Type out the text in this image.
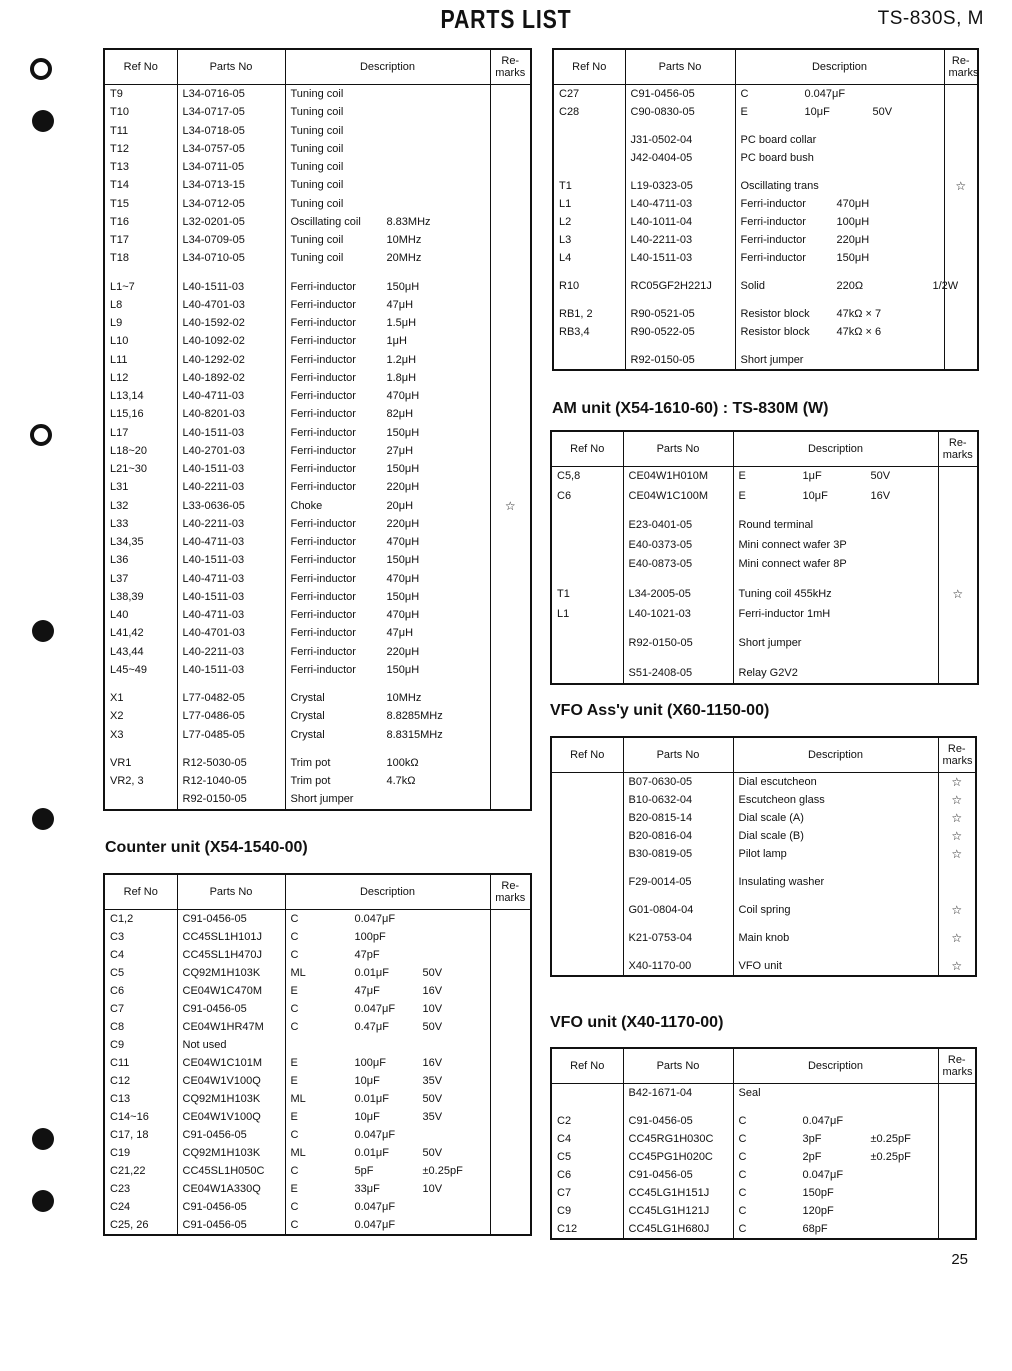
PARTS LIST	TS-830S, M
Counter unit (X54-1540-00)
AM unit (X54-1610-60) : TS-830M (W)
VFO Ass'y unit (X60-1150-00)
VFO unit (X40-1170-00)
Ref No	Parts No	Description	Re-
marks
T9	L34-0716-05	Tuning coil	
T10	L34-0717-05	Tuning coil	
T11	L34-0718-05	Tuning coil	
T12	L34-0757-05	Tuning coil	
T13	L34-0711-05	Tuning coil	
T14	L34-0713-15	Tuning coil	
T15	L34-0712-05	Tuning coil	
T16	L32-0201-05	Oscillating coil 8.83MHz	
T17	L34-0709-05	Tuning coil 10MHz	
T18	L34-0710-05	Tuning coil 20MHz	

L1~7	L40-1511-03	Ferri-inductor 150μH	
L8	L40-4701-03	Ferri-inductor 47μH	
L9	L40-1592-02	Ferri-inductor 1.5μH	
L10	L40-1092-02	Ferri-inductor 1μH	
L11	L40-1292-02	Ferri-inductor 1.2μH	
L12	L40-1892-02	Ferri-inductor 1.8μH	
L13,14	L40-4711-03	Ferri-inductor 470μH	
L15,16	L40-8201-03	Ferri-inductor 82μH	
L17	L40-1511-03	Ferri-inductor 150μH	
L18~20	L40-2701-03	Ferri-inductor 27μH	
L21~30	L40-1511-03	Ferri-inductor 150μH	
L31	L40-2211-03	Ferri-inductor 220μH	
L32	L33-0636-05	Choke 20μH	☆
L33	L40-2211-03	Ferri-inductor 220μH	
L34,35	L40-4711-03	Ferri-inductor 470μH	
L36	L40-1511-03	Ferri-inductor 150μH	
L37	L40-4711-03	Ferri-inductor 470μH	
L38,39	L40-1511-03	Ferri-inductor 150μH	
L40	L40-4711-03	Ferri-inductor 470μH	
L41,42	L40-4701-03	Ferri-inductor 47μH	
L43,44	L40-2211-03	Ferri-inductor 220μH	
L45~49	L40-1511-03	Ferri-inductor 150μH	

X1	L77-0482-05	Crystal 10MHz	
X2	L77-0486-05	Crystal 8.8285MHz	
X3	L77-0485-05	Crystal 8.8315MHz	

VR1	R12-5030-05	Trim pot 100kΩ	
VR2, 3	R12-1040-05	Trim pot 4.7kΩ	
	R92-0150-05	Short jumper	
Ref No	Parts No	Description	Re-
marks
C1,2	C91-0456-05	C 0.047μF	
C3	CC45SL1H101J	C 100pF	
C4	CC45SL1H470J	C 47pF	
C5	CQ92M1H103K	ML 0.01μF 50V	
C6	CE04W1C470M	E 47μF 16V	
C7	C91-0456-05	C 0.047μF 10V	
C8	CE04W1HR47M	C 0.47μF 50V	
C9	Not used		
C11	CE04W1C101M	E 100μF 16V	
C12	CE04W1V100Q	E 10μF 35V	
C13	CQ92M1H103K	ML 0.01μF 50V	
C14~16	CE04W1V100Q	E 10μF 35V	
C17, 18	C91-0456-05	C 0.047μF	
C19	CQ92M1H103K	ML 0.01μF 50V	
C21,22	CC45SL1H050C	C 5pF ±0.25pF	
C23	CE04W1A330Q	E 33μF 10V	
C24	C91-0456-05	C 0.047μF	
C25, 26	C91-0456-05	C 0.047μF	
Ref No	Parts No	Description	Re-
marks
C27	C91-0456-05	C 0.047μF	
C28	C90-0830-05	E 10μF 50V	

	J31-0502-04	PC board collar	
	J42-0404-05	PC board bush	

T1	L19-0323-05	Oscillating trans	☆
L1	L40-4711-03	Ferri-inductor 470μH	
L2	L40-1011-04	Ferri-inductor 100μH	
L3	L40-2211-03	Ferri-inductor 220μH	
L4	L40-1511-03	Ferri-inductor 150μH	

R10	RC05GF2H221J	Solid 220Ω 1/2W	

RB1, 2	R90-0521-05	Resistor block 47kΩ × 7	
RB3,4	R90-0522-05	Resistor block 47kΩ × 6	

	R92-0150-05	Short jumper	
Ref No	Parts No	Description	Re-
marks
C5,8	CE04W1H010M	E 1μF 50V	
C6	CE04W1C100M	E 10μF 16V	

	E23-0401-05	Round terminal	
	E40-0373-05	Mini connect wafer 3P	
	E40-0873-05	Mini connect wafer 8P	

T1	L34-2005-05	Tuning coil 455kHz	☆
L1	L40-1021-03	Ferri-inductor 1mH	

	R92-0150-05	Short jumper	

	S51-2408-05	Relay G2V2	
Ref No	Parts No	Description	Re-
marks
	B07-0630-05	Dial escutcheon	☆
	B10-0632-04	Escutcheon glass	☆
	B20-0815-14	Dial scale (A)	☆
	B20-0816-04	Dial scale (B)	☆
	B30-0819-05	Pilot lamp	☆

	F29-0014-05	Insulating washer	

	G01-0804-04	Coil spring	☆

	K21-0753-04	Main knob	☆

	X40-1170-00	VFO unit	☆
Ref No	Parts No	Description	Re-
marks
	B42-1671-04	Seal	

C2	C91-0456-05	C 0.047μF	
C4	CC45RG1H030C	C 3pF ±0.25pF	
C5	CC45PG1H020C	C 2pF ±0.25pF	
C6	C91-0456-05	C 0.047μF	
C7	CC45LG1H151J	C 150pF	
C9	CC45LG1H121J	C 120pF	
C12	CC45LG1H680J	C 68pF	
25
